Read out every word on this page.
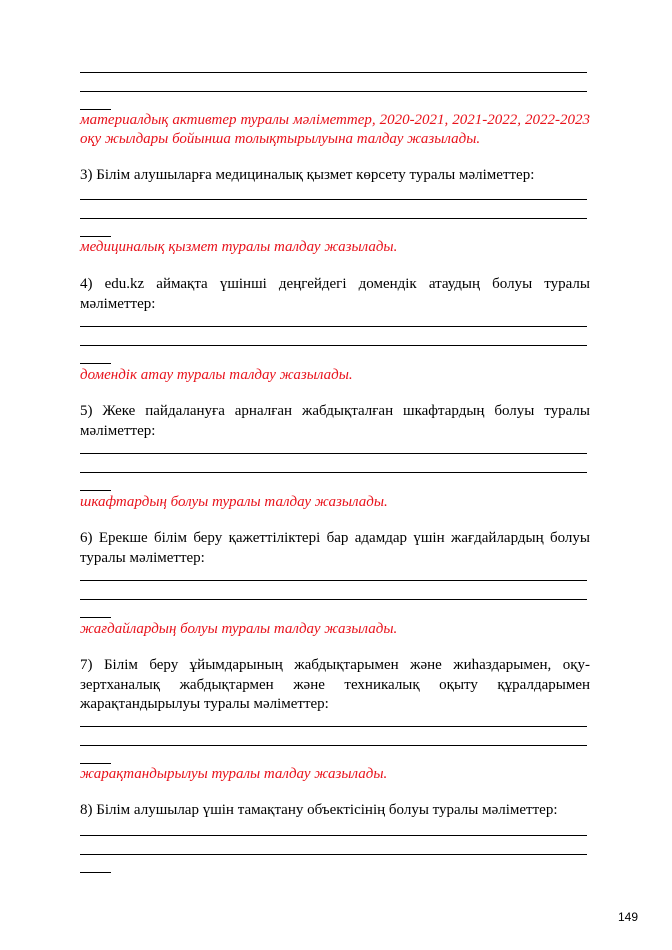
материалдық активтер туралы мәліметтер, 2020-2021, 2021-2022, 2022-2023 оқу жылдары бойынша толықтырылуына талдау жазылады.
3) Білім алушыларға медициналық қызмет көрсету туралы мәліметтер:
медициналық қызмет туралы талдау жазылады.
4) edu.kz аймақта үшінші деңгейдегі домендік атаудың болуы туралы мәліметтер:
домендік атау туралы талдау жазылады.
5) Жеке пайдалануға арналған жабдықталған шкафтардың болуы туралы мәліметтер:
шкафтардың болуы туралы талдау жазылады.
6) Ерекше білім беру қажеттіліктері бар адамдар үшін жағдайлардың болуы туралы мәліметтер:
жағдайлардың болуы туралы талдау жазылады.
7) Білім беру ұйымдарының жабдықтарымен және жиһаздарымен, оқу-зертханалық жабдықтармен және техникалық оқыту құралдарымен жарақтандырылуы туралы мәліметтер:
жарақтандырылуы туралы талдау жазылады.
8) Білім алушылар үшін тамақтану объектісінің болуы туралы мәліметтер:
149
